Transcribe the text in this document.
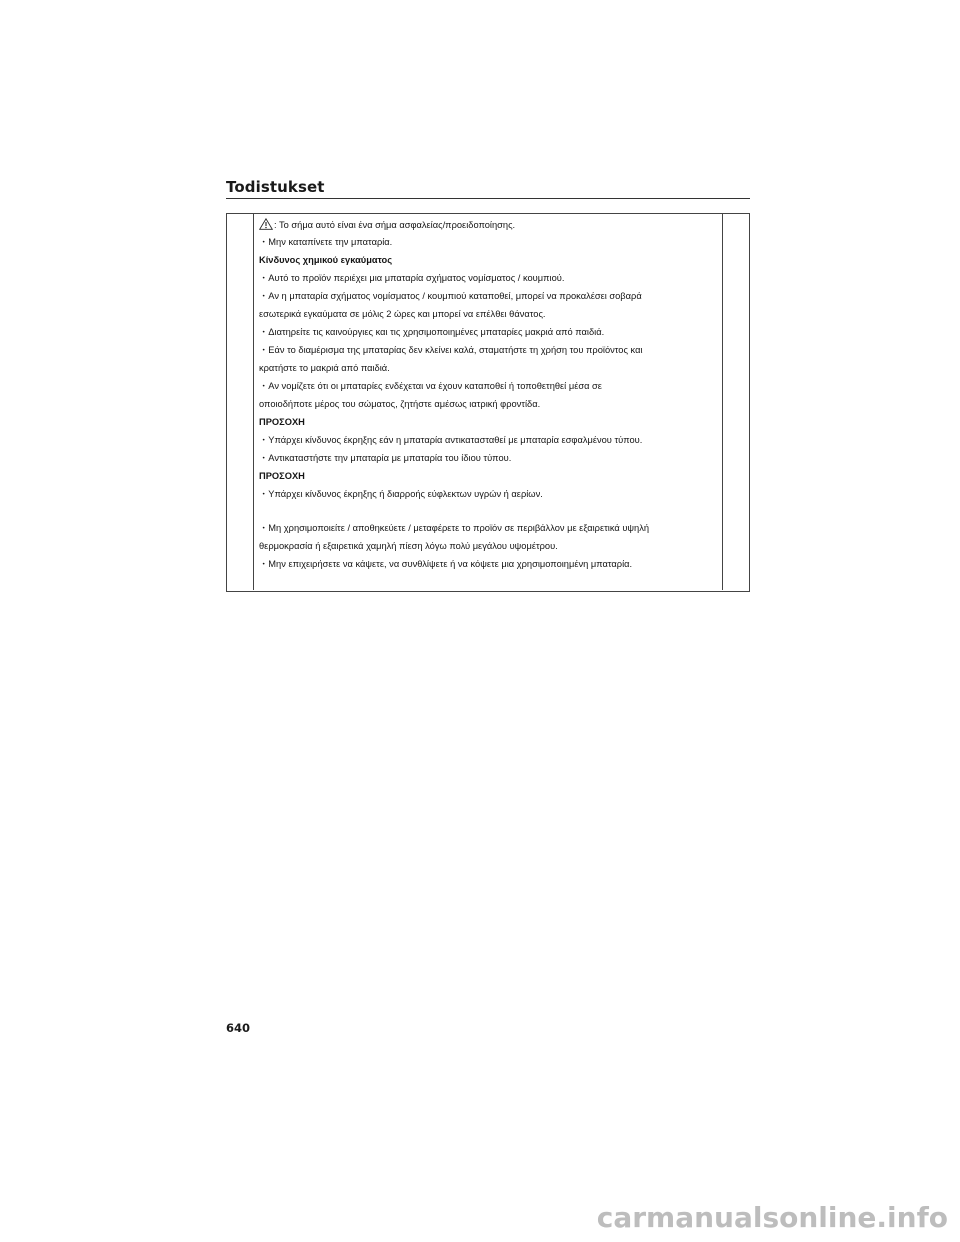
Todistukset
: Το σήμα αυτό είναι ένα σήμα ασφαλείας/προειδοποίησης.
・Μην καταπίνετε την μπαταρία.
Κίνδυνος χημικού εγκαύματος
・Αυτό το προϊόν περιέχει μια μπαταρία σχήματος νομίσματος / κουμπιού.
・Αν η μπαταρία σχήματος νομίσματος / κουμπιού καταποθεί, μπορεί να προκαλέσει σοβαρά
εσωτερικά εγκαύματα σε μόλις 2 ώρες και μπορεί να επέλθει θάνατος.
・Διατηρείτε τις καινούργιες και τις χρησιμοποιημένες μπαταρίες μακριά από παιδιά.
・Εάν το διαμέρισμα της μπαταρίας δεν κλείνει καλά, σταματήστε τη χρήση του προϊόντος και
κρατήστε το μακριά από παιδιά.
・Αν νομίζετε ότι οι μπαταρίες ενδέχεται να έχουν καταποθεί ή τοποθετηθεί μέσα σε
οποιοδήποτε μέρος του σώματος, ζητήστε αμέσως ιατρική φροντίδα.
ΠΡΟΣΟΧΗ
・Υπάρχει κίνδυνος έκρηξης εάν η μπαταρία αντικατασταθεί με μπαταρία εσφαλμένου τύπου.
・Αντικαταστήστε την μπαταρία με μπαταρία του ίδιου τύπου.
ΠΡΟΣΟΧΗ
・Υπάρχει κίνδυνος έκρηξης ή διαρροής εύφλεκτων υγρών ή αερίων.
・Μη χρησιμοποιείτε / αποθηκεύετε / μεταφέρετε το προϊόν σε περιβάλλον με εξαιρετικά υψηλή
θερμοκρασία ή εξαιρετικά χαμηλή πίεση λόγω πολύ μεγάλου υψομέτρου.
・Μην επιχειρήσετε να κάψετε, να συνθλίψετε ή να κόψετε μια χρησιμοποιημένη μπαταρία.
640
carmanualsonline.info
